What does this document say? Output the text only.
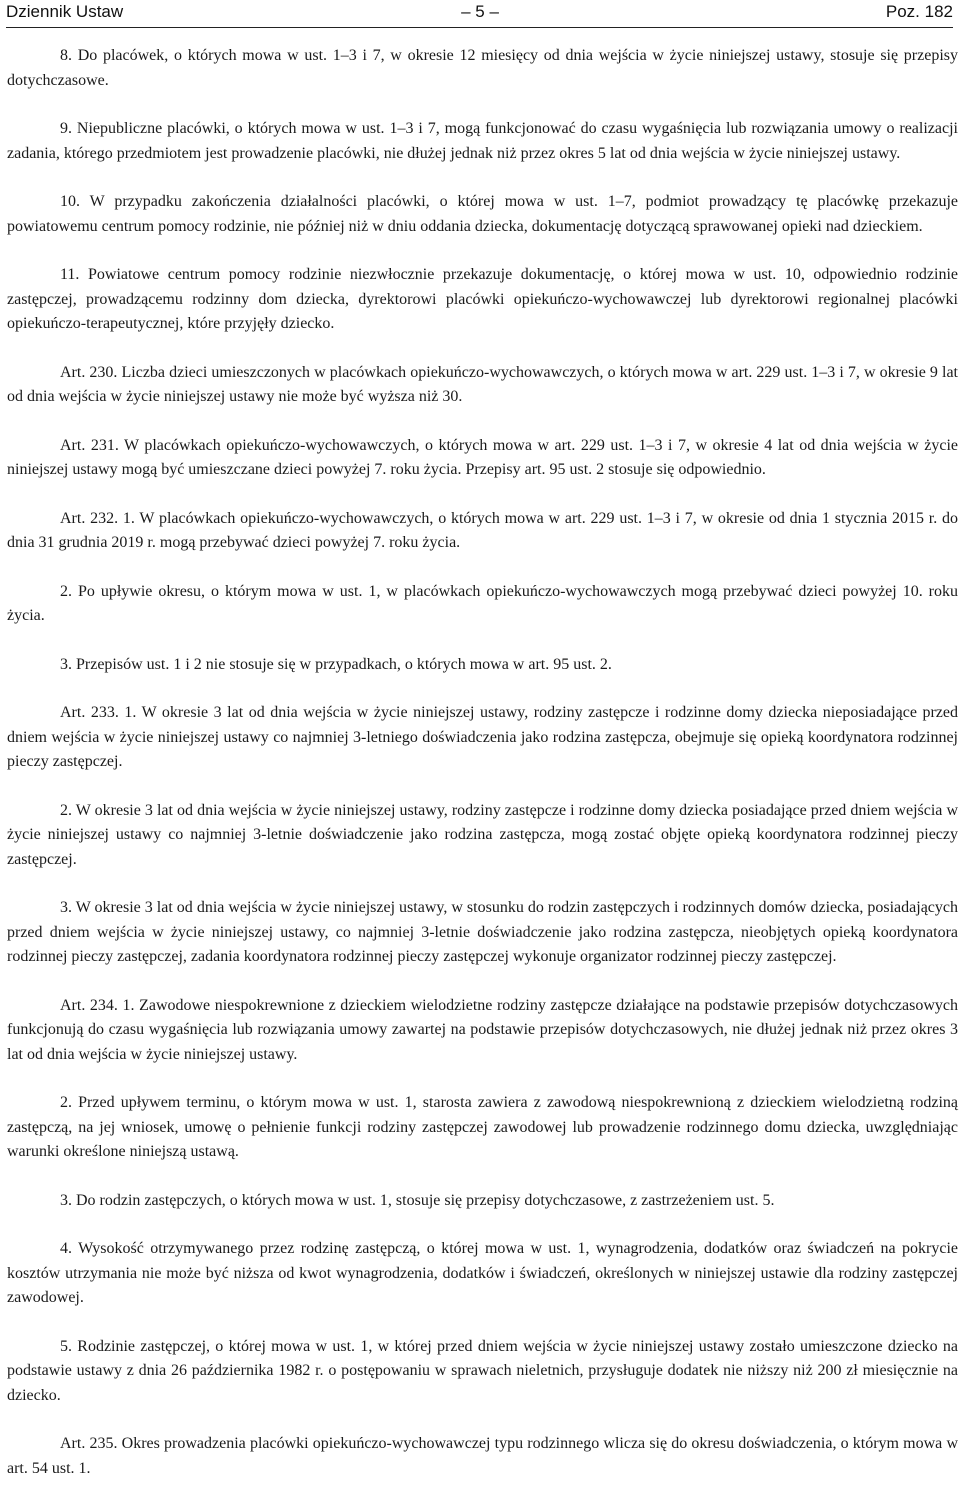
Dziennik Ustaw	– 5 –	Poz. 182

8. Do placówek, o których mowa w ust. 1–3 i 7, w okresie 12 miesięcy od dnia wejścia w życie niniejszej ustawy, stosuje się przepisy dotychczasowe.

9. Niepubliczne placówki, o których mowa w ust. 1–3 i 7, mogą funkcjonować do czasu wygaśnięcia lub rozwiązania umowy o realizacji zadania, którego przedmiotem jest prowadzenie placówki, nie dłużej jednak niż przez okres 5 lat od dnia wejścia w życie niniejszej ustawy.

10. W przypadku zakończenia działalności placówki, o której mowa w ust. 1–7, podmiot prowadzący tę placówkę przekazuje powiatowemu centrum pomocy rodzinie, nie później niż w dniu oddania dziecka, dokumentację dotyczącą sprawowanej opieki nad dzieckiem.

11. Powiatowe centrum pomocy rodzinie niezwłocznie przekazuje dokumentację, o której mowa w ust. 10, odpowiednio rodzinie zastępczej, prowadzącemu rodzinny dom dziecka, dyrektorowi placówki opiekuńczo-wychowawczej lub dyrektorowi regionalnej placówki opiekuńczo-terapeutycznej, które przyjęły dziecko.

Art. 230. Liczba dzieci umieszczonych w placówkach opiekuńczo-wychowawczych, o których mowa w art. 229 ust. 1–3 i 7, w okresie 9 lat od dnia wejścia w życie niniejszej ustawy nie może być wyższa niż 30.

Art. 231. W placówkach opiekuńczo-wychowawczych, o których mowa w art. 229 ust. 1–3 i 7, w okresie 4 lat od dnia wejścia w życie niniejszej ustawy mogą być umieszczane dzieci powyżej 7. roku życia. Przepisy art. 95 ust. 2 stosuje się odpowiednio.

Art. 232. 1. W placówkach opiekuńczo-wychowawczych, o których mowa w art. 229 ust. 1–3 i 7, w okresie od dnia 1 stycznia 2015 r. do dnia 31 grudnia 2019 r. mogą przebywać dzieci powyżej 7. roku życia.

2. Po upływie okresu, o którym mowa w ust. 1, w placówkach opiekuńczo-wychowawczych mogą przebywać dzieci powyżej 10. roku życia.

3. Przepisów ust. 1 i 2 nie stosuje się w przypadkach, o których mowa w art. 95 ust. 2.

Art. 233. 1. W okresie 3 lat od dnia wejścia w życie niniejszej ustawy, rodziny zastępcze i rodzinne domy dziecka nieposiadające przed dniem wejścia w życie niniejszej ustawy co najmniej 3-letniego doświadczenia jako rodzina zastępcza, obejmuje się opieką koordynatora rodzinnej pieczy zastępczej.

2. W okresie 3 lat od dnia wejścia w życie niniejszej ustawy, rodziny zastępcze i rodzinne domy dziecka posiadające przed dniem wejścia w życie niniejszej ustawy co najmniej 3-letnie doświadczenie jako rodzina zastępcza, mogą zostać objęte opieką koordynatora rodzinnej pieczy zastępczej.

3. W okresie 3 lat od dnia wejścia w życie niniejszej ustawy, w stosunku do rodzin zastępczych i rodzinnych domów dziecka, posiadających przed dniem wejścia w życie niniejszej ustawy, co najmniej 3-letnie doświadczenie jako rodzina zastępcza, nieobjętych opieką koordynatora rodzinnej pieczy zastępczej, zadania koordynatora rodzinnej pieczy zastępczej wykonuje organizator rodzinnej pieczy zastępczej.

Art. 234. 1. Zawodowe niespokrewnione z dzieckiem wielodzietne rodziny zastępcze działające na podstawie przepisów dotychczasowych funkcjonują do czasu wygaśnięcia lub rozwiązania umowy zawartej na podstawie przepisów dotychczasowych, nie dłużej jednak niż przez okres 3 lat od dnia wejścia w życie niniejszej ustawy.

2. Przed upływem terminu, o którym mowa w ust. 1, starosta zawiera z zawodową niespokrewnioną z dzieckiem wielodzietną rodziną zastępczą, na jej wniosek, umowę o pełnienie funkcji rodziny zastępczej zawodowej lub prowadzenie rodzinnego domu dziecka, uwzględniając warunki określone niniejszą ustawą.

3. Do rodzin zastępczych, o których mowa w ust. 1, stosuje się przepisy dotychczasowe, z zastrzeżeniem ust. 5.

4. Wysokość otrzymywanego przez rodzinę zastępczą, o której mowa w ust. 1, wynagrodzenia, dodatków oraz świadczeń na pokrycie kosztów utrzymania nie może być niższa od kwot wynagrodzenia, dodatków i świadczeń, określonych w niniejszej ustawie dla rodziny zastępczej zawodowej.

5. Rodzinie zastępczej, o której mowa w ust. 1, w której przed dniem wejścia w życie niniejszej ustawy zostało umieszczone dziecko na podstawie ustawy z dnia 26 października 1982 r. o postępowaniu w sprawach nieletnich, przysługuje dodatek nie niższy niż 200 zł miesięcznie na dziecko.

Art. 235. Okres prowadzenia placówki opiekuńczo-wychowawczej typu rodzinnego wlicza się do okresu doświadczenia, o którym mowa w art. 54 ust. 1.
